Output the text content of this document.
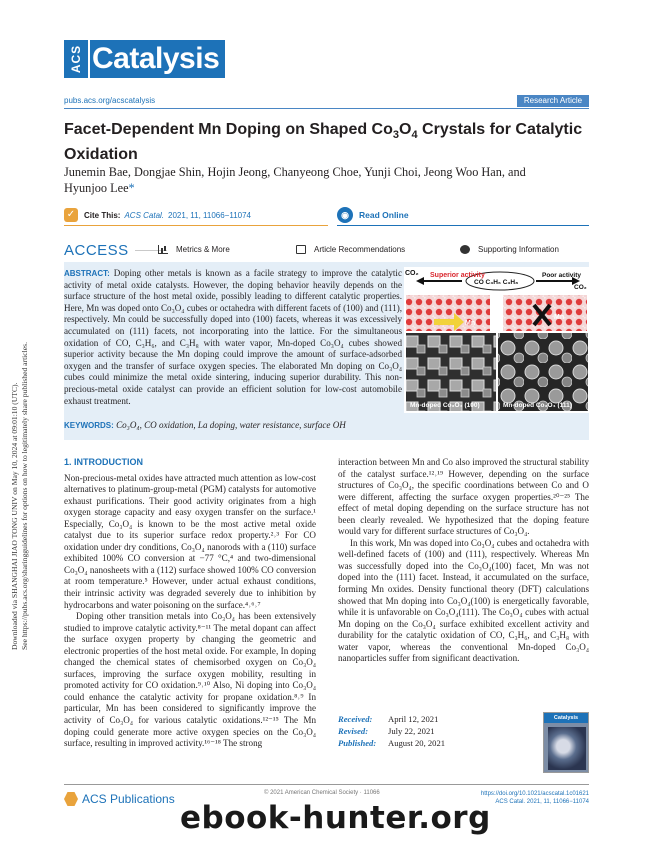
Downloaded via SHANGHAI JIAO TONG UNIV on May 10, 2024 at 09:01:10 (UTC). See https://pubs.acs.org/sharingguidelines for options on how to legitimately share published articles.
ACS Catalysis
pubs.acs.org/acscatalysis	Research Article
Facet-Dependent Mn Doping on Shaped $Co_3O_4$ Crystals for Catalytic Oxidation
Junemin Bae, Dongjae Shin, Hojin Jeong, Chanyeong Choe, Yunji Choi, Jeong Woo Han, and Hyunjoo Lee*
✓	Cite This: ACS Catal. 2021, 11, 11066−11074	◉	Read Online
ACCESS	Metrics & More	Article Recommendations	Supporting Information
ABSTRACT: Doping other metals is known as a facile strategy to improve the catalytic activity of metal oxide catalysts. However, the doping behavior heavily depends on the surface structure of the host metal oxide, possibly leading to different catalytic properties. Here, Mn was doped onto Co₃O₄ cubes or octahedra with different facets of (100) and (111), respectively. Mn could be successfully doped into (100) facets, whereas it was excessively accumulated on (111) facets, not incorporating into the lattice. For the simultaneous oxidation of CO, C₃H₆, and C₃H₈ with water vapor, Mn-doped Co₃O₄ cubes showed superior activity because the Mn doping could improve the amount of surface-adsorbed oxygen and the transfer of surface oxygen species. The elaborated Mn doping on Co₃O₄ cubes could minimize the metal oxide sintering, inducing superior durability. This non-precious-metal oxide catalyst can provide an efficient solution for low-cost automobile exhaust treatment.
KEYWORDS: Co₃O₄, CO oxidation, La doping, water resistance, surface OH
CO₂ Superior activity
CO C₃H₆ C₃H₈
Poor activity
CO₂
Mn
Mn
Mn-doped Co₃O₄ (100)	Mn-doped Co₃O₄ (111)
1. INTRODUCTION

Non-precious-metal oxides have attracted much attention as low-cost alternatives to platinum-group-metal (PGM) catalysts for automotive exhaust purifications. Their good activity originates from a high oxygen storage capacity and easy oxygen transfer on the surface.¹ Especially, Co₃O₄ is known to be the most active metal oxide catalyst due to its superior surface redox property.²˒³ For CO oxidation under dry conditions, Co₃O₄ nanorods with a (110) surface exhibited 100% CO conversion at −77 °C,⁴ and two-dimensional Co₃O₄ nanosheets with a (112) surface showed 100% CO conversion at room temperature.⁵ However, under actual exhaust conditions, their intrinsic activity was degraded severely due to inhibition by hydrocarbons and water poisoning on the surface.⁴˒⁶˒⁷

Doping other transition metals into Co₃O₄ has been extensively studied to improve catalytic activity.⁸⁻¹¹ The metal dopant can affect the surface oxygen property by changing the geometric and electronic properties of the host metal oxide. For example, In doping changed the chemical states of chemisorbed oxygen on Co₃O₄ surfaces, improving the surface oxygen mobility, resulting in promoted activity for CO oxidation.⁹˒¹⁰ Also, Ni doping into Co₃O₄ could enhance the catalytic activity for propane oxidation.⁸˒⁹ In particular, Mn has been considered to significantly improve the activity of Co₃O₄ for various catalytic oxidations.¹²⁻¹⁵ The Mn doping could generate more active oxygen species on the Co₃O₄ surface, resulting in improved activity.¹⁶⁻¹⁸ The strong

interaction between Mn and Co also improved the structural stability of the catalyst surface.¹²˒¹⁹ However, depending on the surface structures of Co₃O₄, the specific coordinations between Co and O were different, affecting the surface oxygen properties.²⁰⁻²⁵ The effect of metal doping depending on the surface structure has not been clearly revealed. We hypothesized that the doping feature would vary for different surface structures of Co₃O₄.

In this work, Mn was doped into Co₃O₄ cubes and octahedra with well-defined facets of (100) and (111), respectively. Whereas Mn was successfully doped into the Co₃O₄(100) facet, Mn was not doped into the (111) facet. Instead, it accumulated on the surface, forming Mn oxides. Density functional theory (DFT) calculations showed that Mn doping into Co₃O₄(100) is energetically favorable, while it is unfavorable on Co₃O₄(111). The Co₃O₄ cubes with actual Mn doping on the Co₃O₄ surface exhibited excellent activity and durability for the catalytic oxidation of CO, C₃H₆, and C₃H₈ with water vapor, whereas the conventional Mn-doped Co₃O₄ nanoparticles suffer from significant deactivation.

Received: April 12, 2021
Revised: July 22, 2021
Published: August 20, 2021
Catalysis
ACS Publications	© 2021 American Chemical Society · 11066	https://doi.org/10.1021/acscatal.1c01621
ACS Catal. 2021, 11, 11066−11074
ebook-hunter.org
